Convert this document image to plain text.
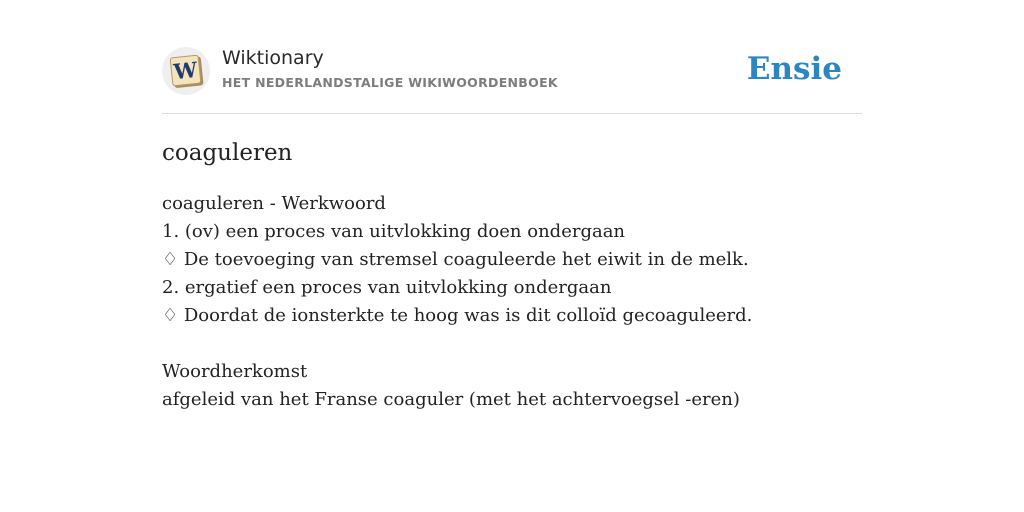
W Wiktionary
HET NEDERLANDSTALIGE WIKIWOORDENBOEK	Ensie
coaguleren
coaguleren - Werkwoord
1. (ov) een proces van uitvlokking doen ondergaan
♢ De toevoeging van stremsel coaguleerde het eiwit in de melk.
2. ergatief een proces van uitvlokking ondergaan
♢ Doordat de ionsterkte te hoog was is dit colloïd gecoaguleerd.
Woordherkomst
afgeleid van het Franse coaguler (met het achtervoegsel -eren)
